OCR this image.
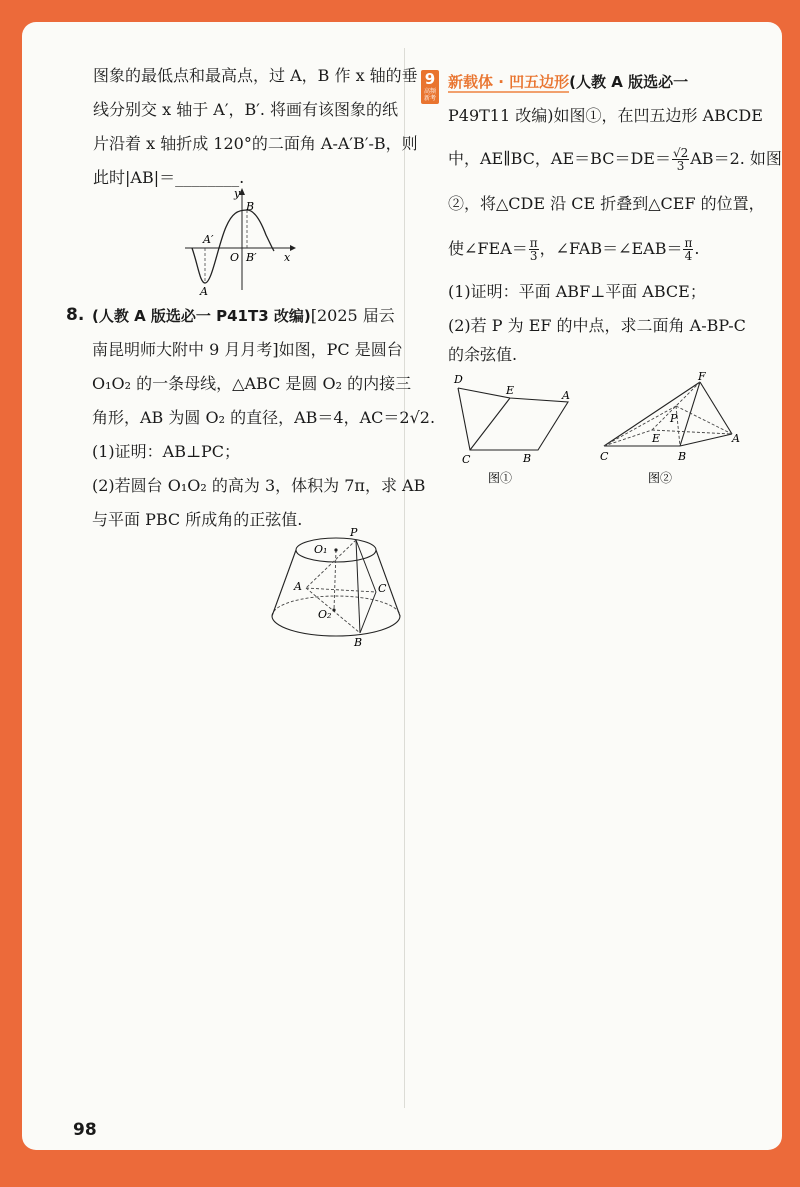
图象的最低点和最高点，过 A，B 作 x 轴的垂
线分别交 x 轴于 A′，B′. 将画有该图象的纸
片沿着 x 轴折成 120°的二面角 A-A′B′-B，则
此时|AB|＝________.
y
B
A′
O B′ x
A
8. (人教 A 版选必一 P41T3 改编)[2025 届云
南昆明师大附中 9 月月考]如图，PC 是圆台
O₁O₂ 的一条母线，△ABC 是圆 O₂ 的内接三
角形，AB 为圆 O₂ 的直径，AB＝4，AC＝2√2.
(1)证明：AB⊥PC；
(2)若圆台 O₁O₂ 的高为 3，体积为 7π，求 AB
与平面 PBC 所成角的正弦值.
P
O₁
A	C
O₂
B
9
高频 新考
新载体 · 凹五边形(人教 A 版选必一
P49T11 改编)如图①，在凹五边形 ABCDE
中，AE∥BC，$AE=BC=DE= \frac{√2}{3} AB=2$. 如图
②，将△CDE 沿 CE 折叠到△CEF 的位置，
使∠FEA＝ $\frac{\pi}{3}$ ，∠FAB＝∠EAB＝ $\frac{\pi}{4}$ .
(1)证明：平面 ABF⊥平面 ABCE；
(2)若 P 为 EF 的中点，求二面角 A-BP-C
的余弦值.
D
E	A
C	B
图①
F
P
E	A
C	B
图②
98
